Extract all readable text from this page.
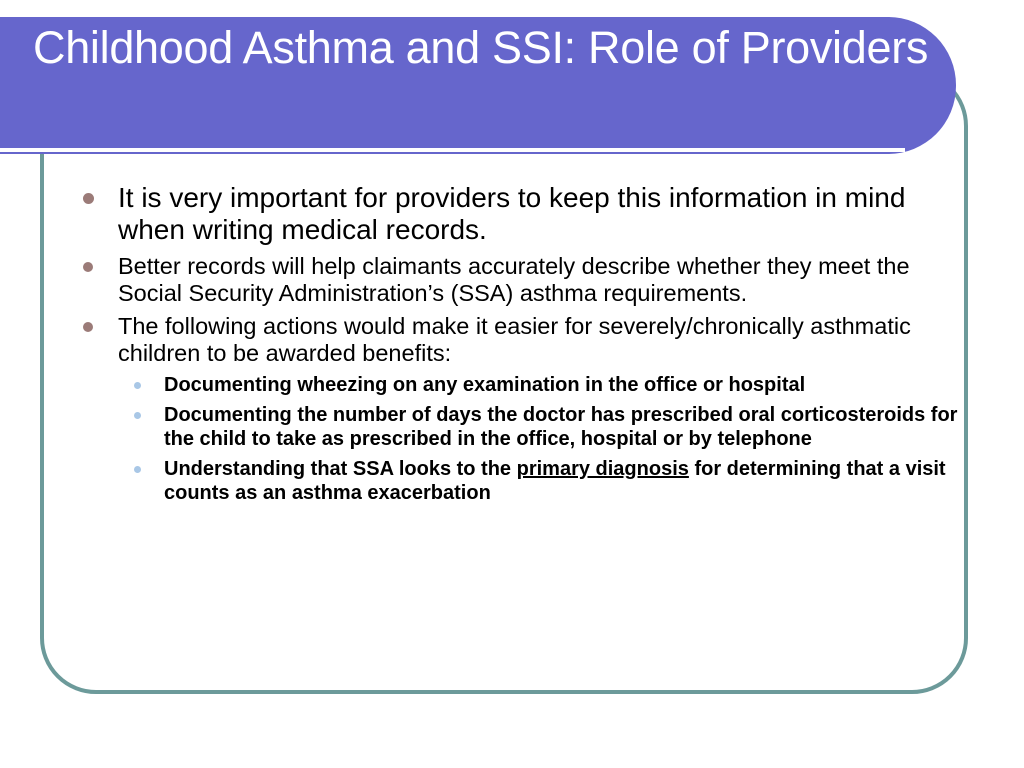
Childhood Asthma and SSI: Role of Providers
It is very important for providers to keep this information in mind when writing medical records.
Better records will help claimants accurately describe whether they meet the Social Security Administration’s (SSA) asthma requirements.
The following actions would make it easier for severely/chronically asthmatic children to be awarded benefits:
Documenting wheezing on any examination in the office or hospital
Documenting the number of days the doctor has prescribed oral corticosteroids for the child to take as prescribed in the office, hospital or by telephone
Understanding that SSA looks to the primary diagnosis for determining that a visit counts as an asthma exacerbation
